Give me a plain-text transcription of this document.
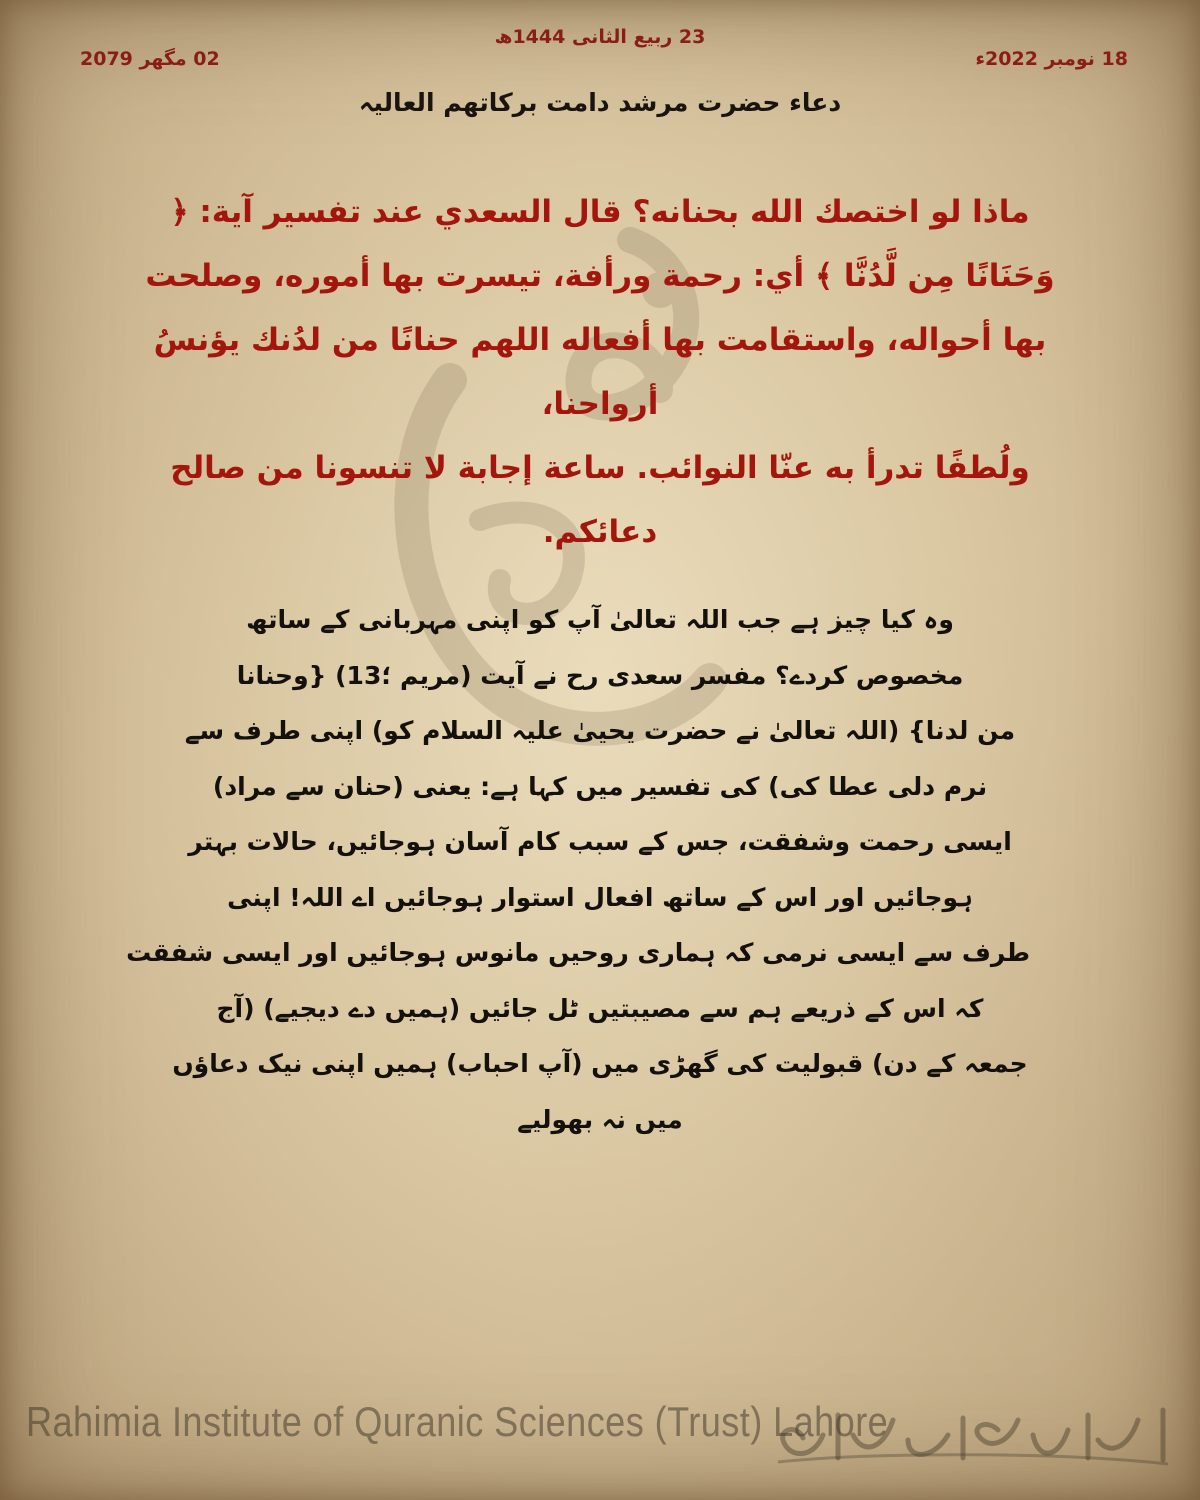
18 نومبر 2022ء
23 ربیع الثانی 1444ھ
02 مگھر 2079
دعاء حضرت مرشد دامت برکاتھم العالیہ
ماذا لو اختصك الله بحنانه؟ قال السعدي عند تفسير آية: ﴿
وَحَنَانًا مِن لَّدُنَّا ﴾ أي: رحمة ورأفة، تيسرت بها أموره، وصلحت
بها أحواله، واستقامت بها أفعاله اللهم حنانًا من لدُنك يؤنسُ أرواحنا،
ولُطفًا تدرأ به عنّا النوائب. ساعة إجابة لا تنسونا من صالح
دعائكم.
وہ کیا چیز ہے جب اللہ تعالیٰ آپ کو اپنی مہربانی کے ساتھ
مخصوص کردے؟ مفسر سعدی رح نے آیت (مریم ؛13) {وحنانا
من لدنا} (اللہ تعالیٰ نے حضرت یحییٰ علیہ السلام کو) اپنی طرف سے
نرم دلی عطا کی) کی تفسیر میں کہا ہے: یعنی (حنان سے مراد)
ایسی رحمت وشفقت، جس کے سبب کام آسان ہوجائیں، حالات بہتر
ہوجائیں اور اس کے ساتھ افعال استوار ہوجائیں اے اللہ! اپنی
طرف سے ایسی نرمی کہ ہماری روحیں مانوس ہوجائیں اور ایسی شفقت
کہ اس کے ذریعے ہم سے مصیبتیں ٹل جائیں (ہمیں دے دیجیے) (آج
جمعہ کے دن) قبولیت کی گھڑی میں (آپ احباب) ہمیں اپنی نیک دعاؤں
میں نہ بھولیے
Rahimia Institute of Quranic Sciences (Trust) Lahore
